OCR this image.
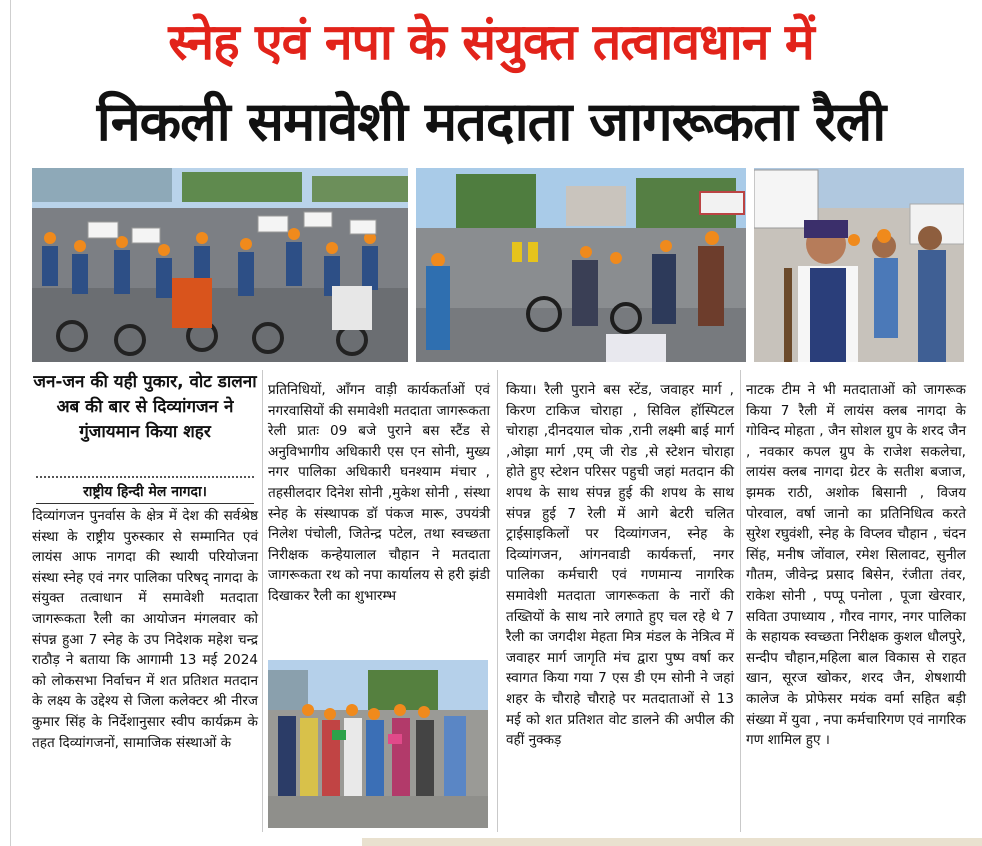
स्नेह एवं नपा के संयुक्त तत्वावधान में
निकली समावेशी मतदाता जागरूकता रैली
जन-जन की यही पुकार, वोट डालना अब की बार से दिव्यांगजन ने गुंजायमान किया शहर
राष्ट्रीय हिन्दी मेल नागदा।

दिव्यांगजन पुनर्वास के क्षेत्र में देश की सर्वश्रेष्ठ संस्था के राष्ट्रीय पुरुस्कार से सम्मानित एवं लायंस आफ नागदा की स्थायी परियोजना संस्था स्नेह एवं नगर पालिका परिषद् नागदा के संयुक्त तत्वाधान में समावेशी मतदाता जागरूकता रैली का आयोजन मंगलवार को संपन्न हुआ 7 स्नेह के उप निदेशक महेश चन्द्र राठौड़ ने बताया कि आगामी 13 मई 2024 को लोकसभा निर्वाचन में शत प्रतिशत मतदान के लक्ष्य के उद्देश्य से जिला कलेक्टर श्री नीरज कुमार सिंह के निर्देशानुसार स्वीप कार्यक्रम के तहत दिव्यांगजनों, सामाजिक संस्थाओं के

प्रतिनिधियों, आँगन वाड़ी कार्यकर्ताओं एवं नगरवासियों की समावेशी मतदाता जागरूकता रेली प्रातः 09 बजे पुराने बस स्टैंड से अनुविभागीय अधिकारी एस एन सोनी, मुख्य नगर पालिका अधिकारी घनश्याम मंचार , तहसीलदार दिनेश सोनी ,मुकेश सोनी , संस्था स्नेह के संस्थापक डॉ पंकज मारू, उपयंत्री निलेश पंचोली, जितेन्द्र पटेल, तथा स्वच्छता निरीक्षक कन्हेयालाल चौहान ने मतदाता जागरूकता रथ को नपा कार्यालय से हरी झंडी दिखाकर रैली का शुभारम्भ

किया। रैली पुराने बस स्टेंड, जवाहर मार्ग , किरण टाकिज चोराहा , सिविल हॉस्पिटल चोराहा ,दीनदयाल चोक ,रानी लक्ष्मी बाई मार्ग ,ओझा मार्ग ,एम् जी रोड ,से स्टेशन चोराहा होते हुए स्टेशन परिसर पहुची जहां मतदान की शपथ के साथ संपन्न हुई की शपथ के साथ संपन्न हुई 7 रेली में आगे बेटरी चलित ट्राईसाइकिलों पर दिव्यांगजन, स्नेह के दिव्यांगजन, आंगनवाडी कार्यकर्त्ता, नगर पालिका कर्मचारी एवं गणमान्य नागरिक समावेशी मतदाता जागरूकता के नारों की तख्तियों के साथ नारे लगाते हुए चल रहे थे 7 रैली का जगदीश मेहता मित्र मंडल के नेत्रित्व में जवाहर मार्ग जागृति मंच द्वारा पुष्प वर्षा कर स्वागत किया गया 7 एस डी एम सोनी ने जहां शहर के चौराहे चौराहे पर मतदाताओं से 13 मई को शत प्रतिशत वोट डालने की अपील की वहीं नुक्कड़

नाटक टीम ने भी मतदाताओं को जागरूक किया 7 रैली में लायंस क्लब नागदा के गोविन्द मोहता , जैन सोशल ग्रुप के शरद जैन , नवकार कपल ग्रुप के राजेश सकलेचा, लायंस क्लब नागदा ग्रेटर के सतीश बजाज, झमक राठी, अशोक बिसानी , विजय पोरवाल, वर्षा जानो का प्रतिनिधित्व करते सुरेश रघुवंशी, स्नेह के विप्लव चौहान , चंदन सिंह, मनीष जोंवाल, रमेश सिलावट, सुनील गौतम, जीवेन्द्र प्रसाद बिसेन, रंजीता तंवर, राकेश सोनी , पप्पू पनोला , पूजा खेरवार, सविता उपाध्याय , गौरव नागर, नगर पालिका के सहायक स्वच्छता निरीक्षक कुशल धौलपुरे, सन्दीप चौहान,महिला बाल विकास से राहत खान, सूरज खोकर, शरद जैन, शेषशायी कालेज के प्रोफेसर मयंक वर्मा सहित बड़ी संख्या में युवा , नपा कर्मचारिगण एवं नागरिक गण शामिल हुए ।
